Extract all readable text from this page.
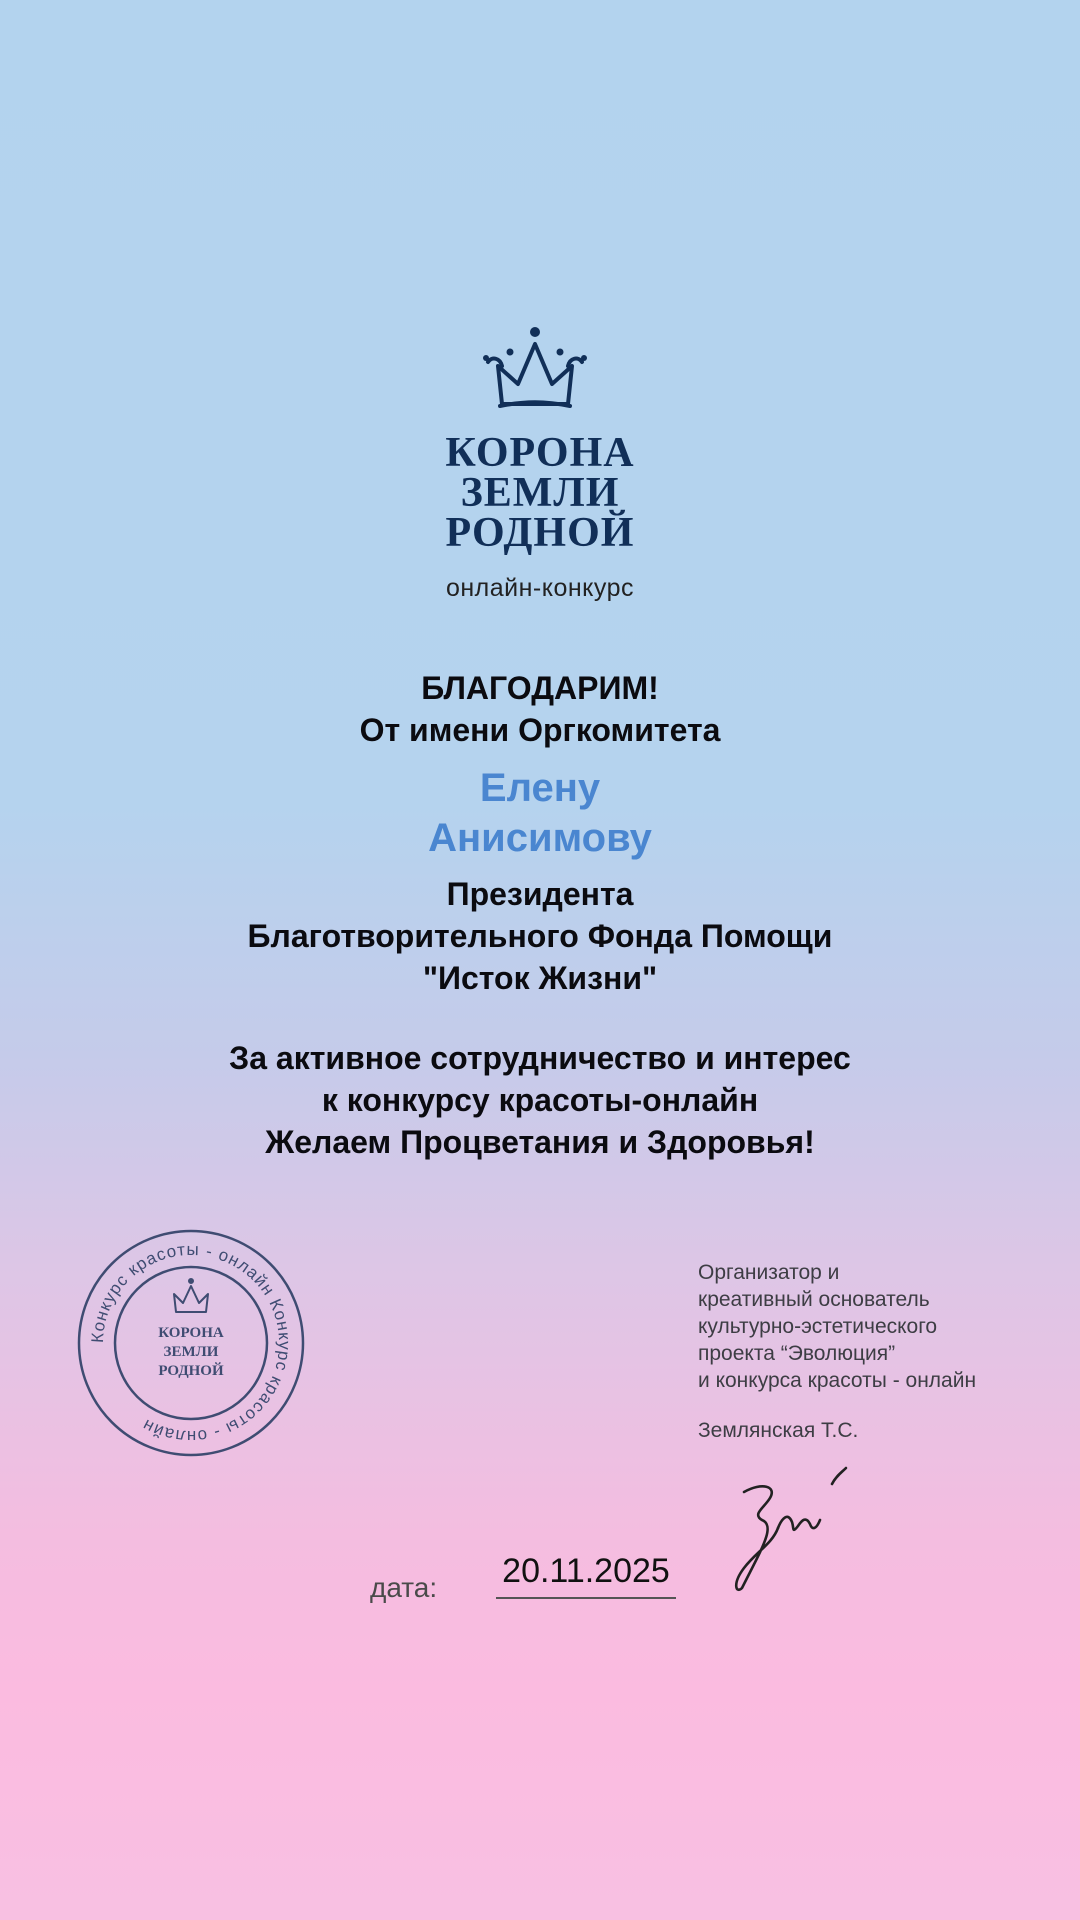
КОРОНА
ЗЕМЛИ
РОДНОЙ
онлайн-конкурс
БЛАГОДАРИМ!
От имени Оргкомитета
Елену
Анисимову
Президента
Благотворительного Фонда Помощи
"Исток Жизни"
За активное сотрудничество и интерес
к конкурсу красоты-онлайн
Желаем Процветания и Здоровья!
Конкурс красоты - онлайн Конкурс красоты - онлайн
КОРОНА
ЗЕМЛИ
РОДНОЙ
Организатор и
креативный основатель
культурно-эстетического
проекта “Эволюция”
и конкурса красоты - онлайн
Землянская Т.С.
дата: 20.11.2025
